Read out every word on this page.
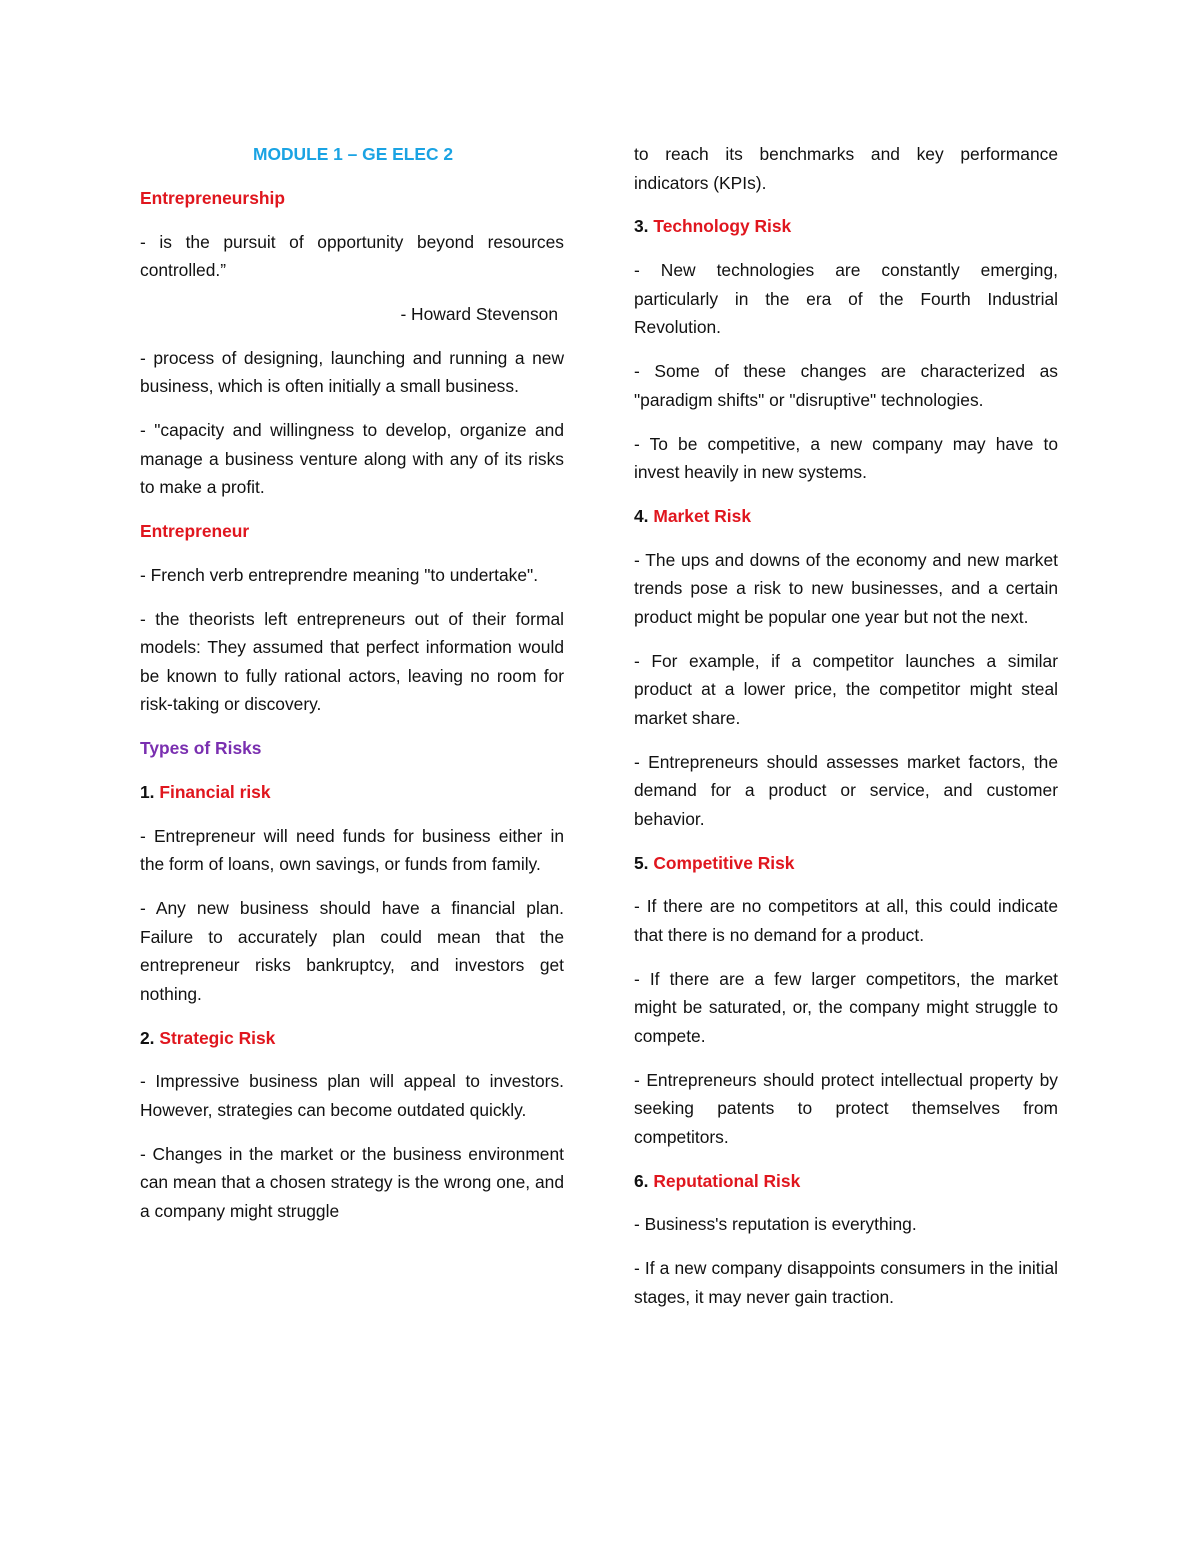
MODULE 1 – GE ELEC 2

Entrepreneurship

- is the pursuit of opportunity beyond resources controlled.”

- Howard Stevenson

- process of designing, launching and running a new business, which is often initially a small business.

- "capacity and willingness to develop, organize and manage a business venture along with any of its risks to make a profit.

Entrepreneur

- French verb entreprendre meaning "to undertake".

- the theorists left entrepreneurs out of their formal models: They assumed that perfect information would be known to fully rational actors, leaving no room for risk-taking or discovery.

Types of Risks

1. Financial risk

- Entrepreneur will need funds for business either in the form of loans, own savings, or funds from family.

- Any new business should have a financial plan. Failure to accurately plan could mean that the entrepreneur risks bankruptcy, and investors get nothing.

2. Strategic Risk

- Impressive business plan will appeal to investors. However, strategies can become outdated quickly.

- Changes in the market or the business environment can mean that a chosen strategy is the wrong one, and a company might struggle

to reach its benchmarks and key performance indicators (KPIs).

3. Technology Risk

- New technologies are constantly emerging, particularly in the era of the Fourth Industrial Revolution.

- Some of these changes are characterized as "paradigm shifts" or "disruptive" technologies.

- To be competitive, a new company may have to invest heavily in new systems.

4. Market Risk

- The ups and downs of the economy and new market trends pose a risk to new businesses, and a certain product might be popular one year but not the next.

- For example, if a competitor launches a similar product at a lower price, the competitor might steal market share.

- Entrepreneurs should assesses market factors, the demand for a product or service, and customer behavior.

5. Competitive Risk

- If there are no competitors at all, this could indicate that there is no demand for a product.

- If there are a few larger competitors, the market might be saturated, or, the company might struggle to compete.

- Entrepreneurs should protect intellectual property by seeking patents to protect themselves from competitors.

6. Reputational Risk

- Business's reputation is everything.

- If a new company disappoints consumers in the initial stages, it may never gain traction.
